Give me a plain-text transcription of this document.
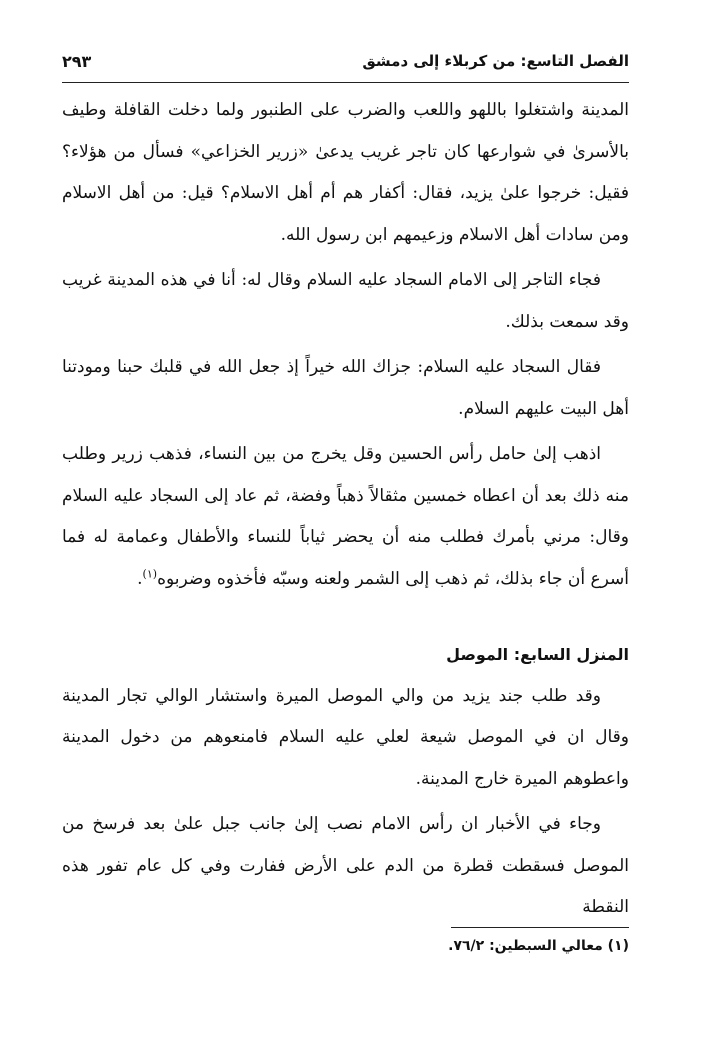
٢٩٣	الفصل التاسع: من كربلاء إلى دمشق

المدينة واشتغلوا باللهو واللعب والضرب على الطنبور ولما دخلت القافلة وطيف بالأسرىٰ في شوارعها كان تاجر غريب يدعىٰ «زرير الخزاعي» فسأل من هؤلاء؟ فقيل: خرجوا علىٰ يزيد، فقال: أكفار هم أم أهل الاسلام؟ قيل: من أهل الاسلام ومن سادات أهل الاسلام وزعيمهم ابن رسول الله.

فجاء التاجر إلى الامام السجاد عليه السلام وقال له: أنا في هذه المدينة غريب وقد سمعت بذلك.

فقال السجاد عليه السلام: جزاك الله خيراً إذ جعل الله في قلبك حبنا ومودتنا أهل البيت عليهم السلام.

اذهب إلىٰ حامل رأس الحسين وقل يخرج من بين النساء، فذهب زرير وطلب منه ذلك بعد أن اعطاه خمسين مثقالاً ذهباً وفضة، ثم عاد إلى السجاد عليه السلام وقال: مرني بأمرك فطلب منه أن يحضر ثياباً للنساء والأطفال وعمامة له فما أسرع أن جاء بذلك، ثم ذهب إلى الشمر ولعنه وسبّه فأخذوه وضربوه$^{(١)}$.

المنزل السابع: الموصل

وقد طلب جند يزيد من والي الموصل الميرة واستشار الوالي تجار المدينة وقال ان في الموصل شيعة لعلي عليه السلام فامنعوهم من دخول المدينة واعطوهم الميرة خارج المدينة.

وجاء في الأخبار ان رأس الامام نصب إلىٰ جانب جبل علىٰ بعد فرسخ من الموصل فسقطت قطرة من الدم على الأرض ففارت وفي كل عام تفور هذه النقطة

(١) معالي السبطين: ٧٦/٢.
